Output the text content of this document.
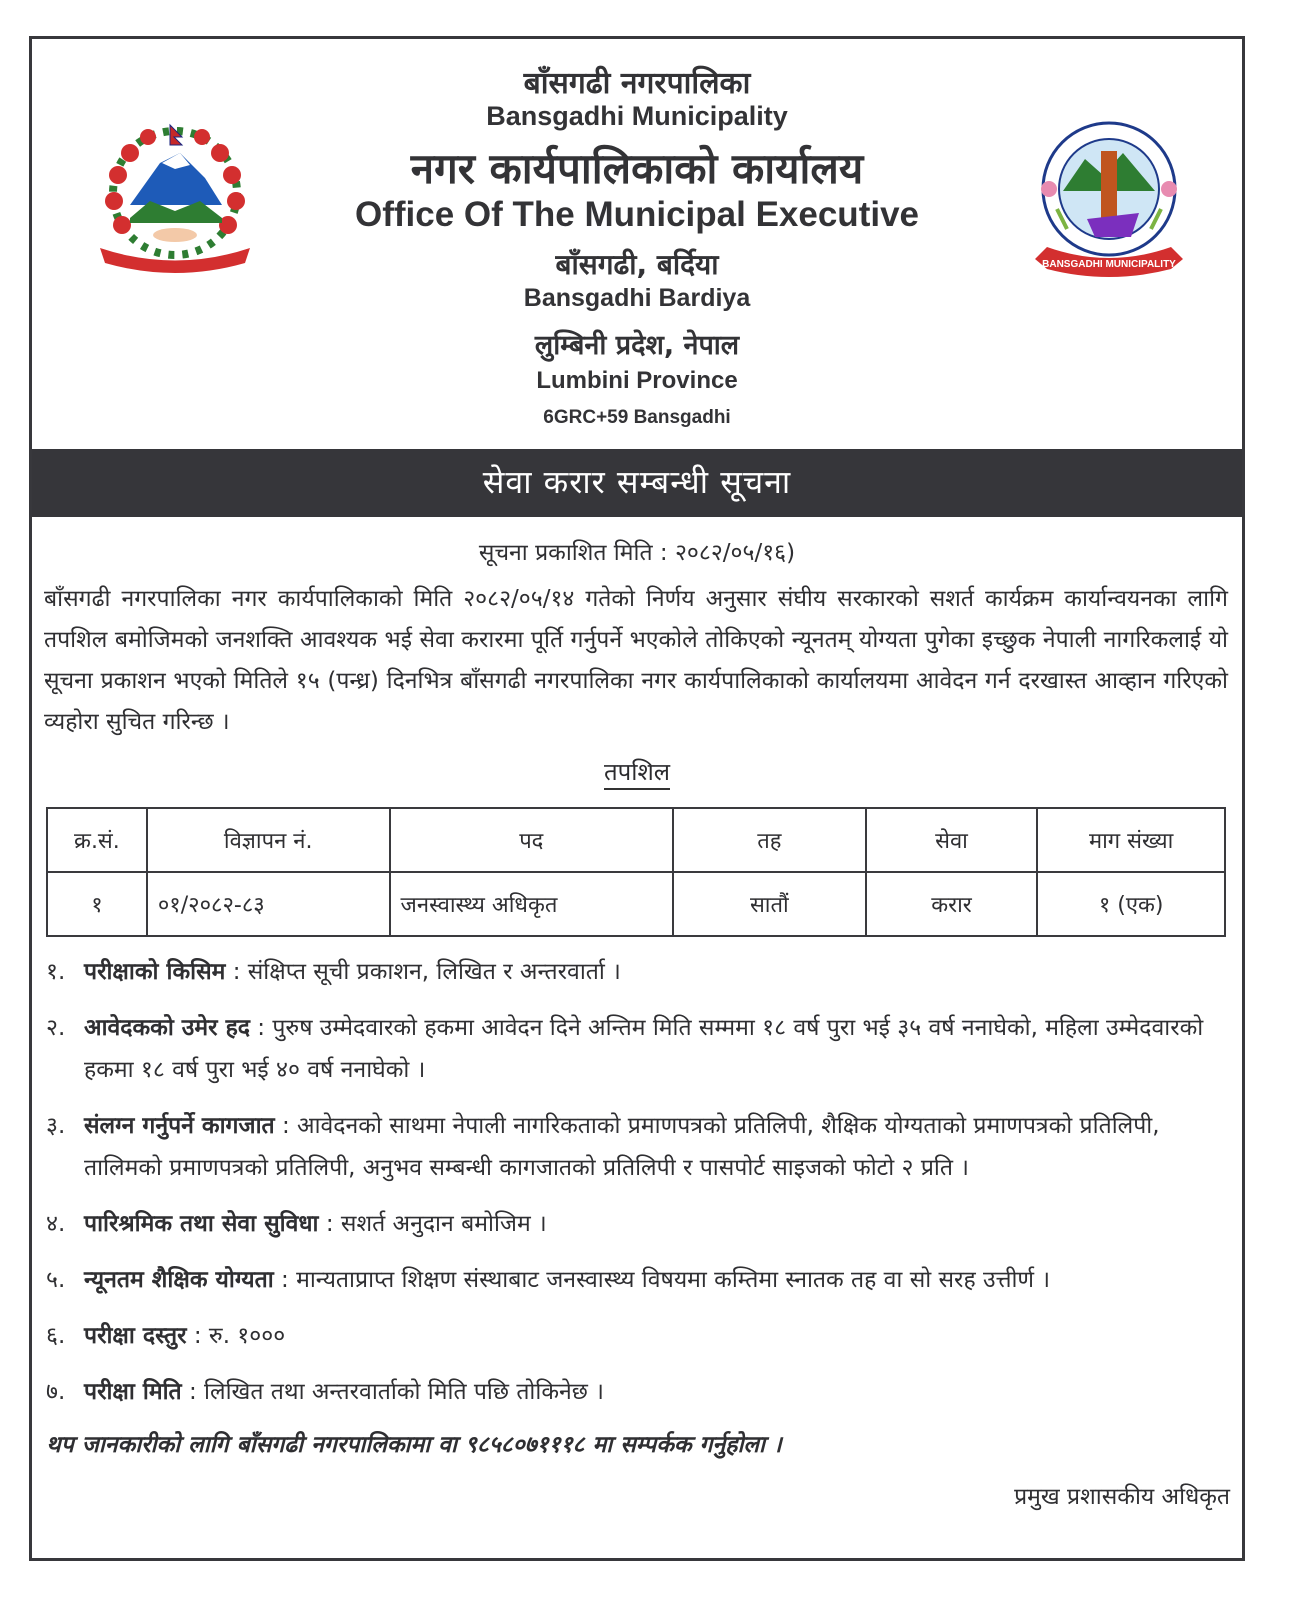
बाँसगढी नगरपालिका
Bansgadhi Municipality
नगर कार्यपालिकाको कार्यालय
Office Of The Municipal Executive
बाँसगढी, बर्दिया
Bansgadhi Bardiya
लुम्बिनी प्रदेश, नेपाल
Lumbini Province
6GRC+59 Bansgadhi
BANSGADHI MUNICIPALITY
सेवा करार सम्बन्धी सूचना
सूचना प्रकाशित मिति : २०८२/०५/१६)
बाँसगढी नगरपालिका नगर कार्यपालिकाको मिति २०८२/०५/१४ गतेको निर्णय अनुसार संघीय सरकारको सशर्त कार्यक्रम कार्यान्वयनका लागि तपशिल बमोजिमको जनशक्ति आवश्यक भई सेवा करारमा पूर्ति गर्नुपर्ने भएकोले तोकिएको न्यूनतम् योग्यता पुगेका इच्छुक नेपाली नागरिकलाई यो सूचना प्रकाशन भएको मितिले १५ (पन्ध्र) दिनभित्र बाँसगढी नगरपालिका नगर कार्यपालिकाको कार्यालयमा आवेदन गर्न दरखास्त आव्हान गरिएको व्यहोरा सुचित गरिन्छ ।
तपशिल
क्र.सं.	विज्ञापन नं.	पद	तह	सेवा	माग संख्या
१	०१/२०८२-८३	जनस्वास्थ्य अधिकृत	सातौं	करार	१ (एक)
१. परीक्षाको किसिम : संक्षिप्त सूची प्रकाशन, लिखित र अन्तरवार्ता ।
२. आवेदकको उमेर हद : पुरुष उम्मेदवारको हकमा आवेदन दिने अन्तिम मिति सम्ममा १८ वर्ष पुरा भई ३५ वर्ष ननाघेको, महिला उम्मेदवारको हकमा १८ वर्ष पुरा भई ४० वर्ष ननाघेको ।
३. संलग्न गर्नुपर्ने कागजात : आवेदनको साथमा नेपाली नागरिकताको प्रमाणपत्रको प्रतिलिपी, शैक्षिक योग्यताको प्रमाणपत्रको प्रतिलिपी, तालिमको प्रमाणपत्रको प्रतिलिपी, अनुभव सम्बन्धी कागजातको प्रतिलिपी र पासपोर्ट साइजको फोटो २ प्रति ।
४. पारिश्रमिक तथा सेवा सुविधा : सशर्त अनुदान बमोजिम ।
५. न्यूनतम शैक्षिक योग्यता : मान्यताप्राप्त शिक्षण संस्थाबाट जनस्वास्थ्य विषयमा कम्तिमा स्नातक तह वा सो सरह उत्तीर्ण ।
६. परीक्षा दस्तुर : रु. १०००
७. परीक्षा मिति : लिखित तथा अन्तरवार्ताको मिति पछि तोकिनेछ ।
थप जानकारीको लागि बाँसगढी नगरपालिकामा वा ९८५८०७१११८ मा सम्पर्कक गर्नुहोला ।
प्रमुख प्रशासकीय अधिकृत
